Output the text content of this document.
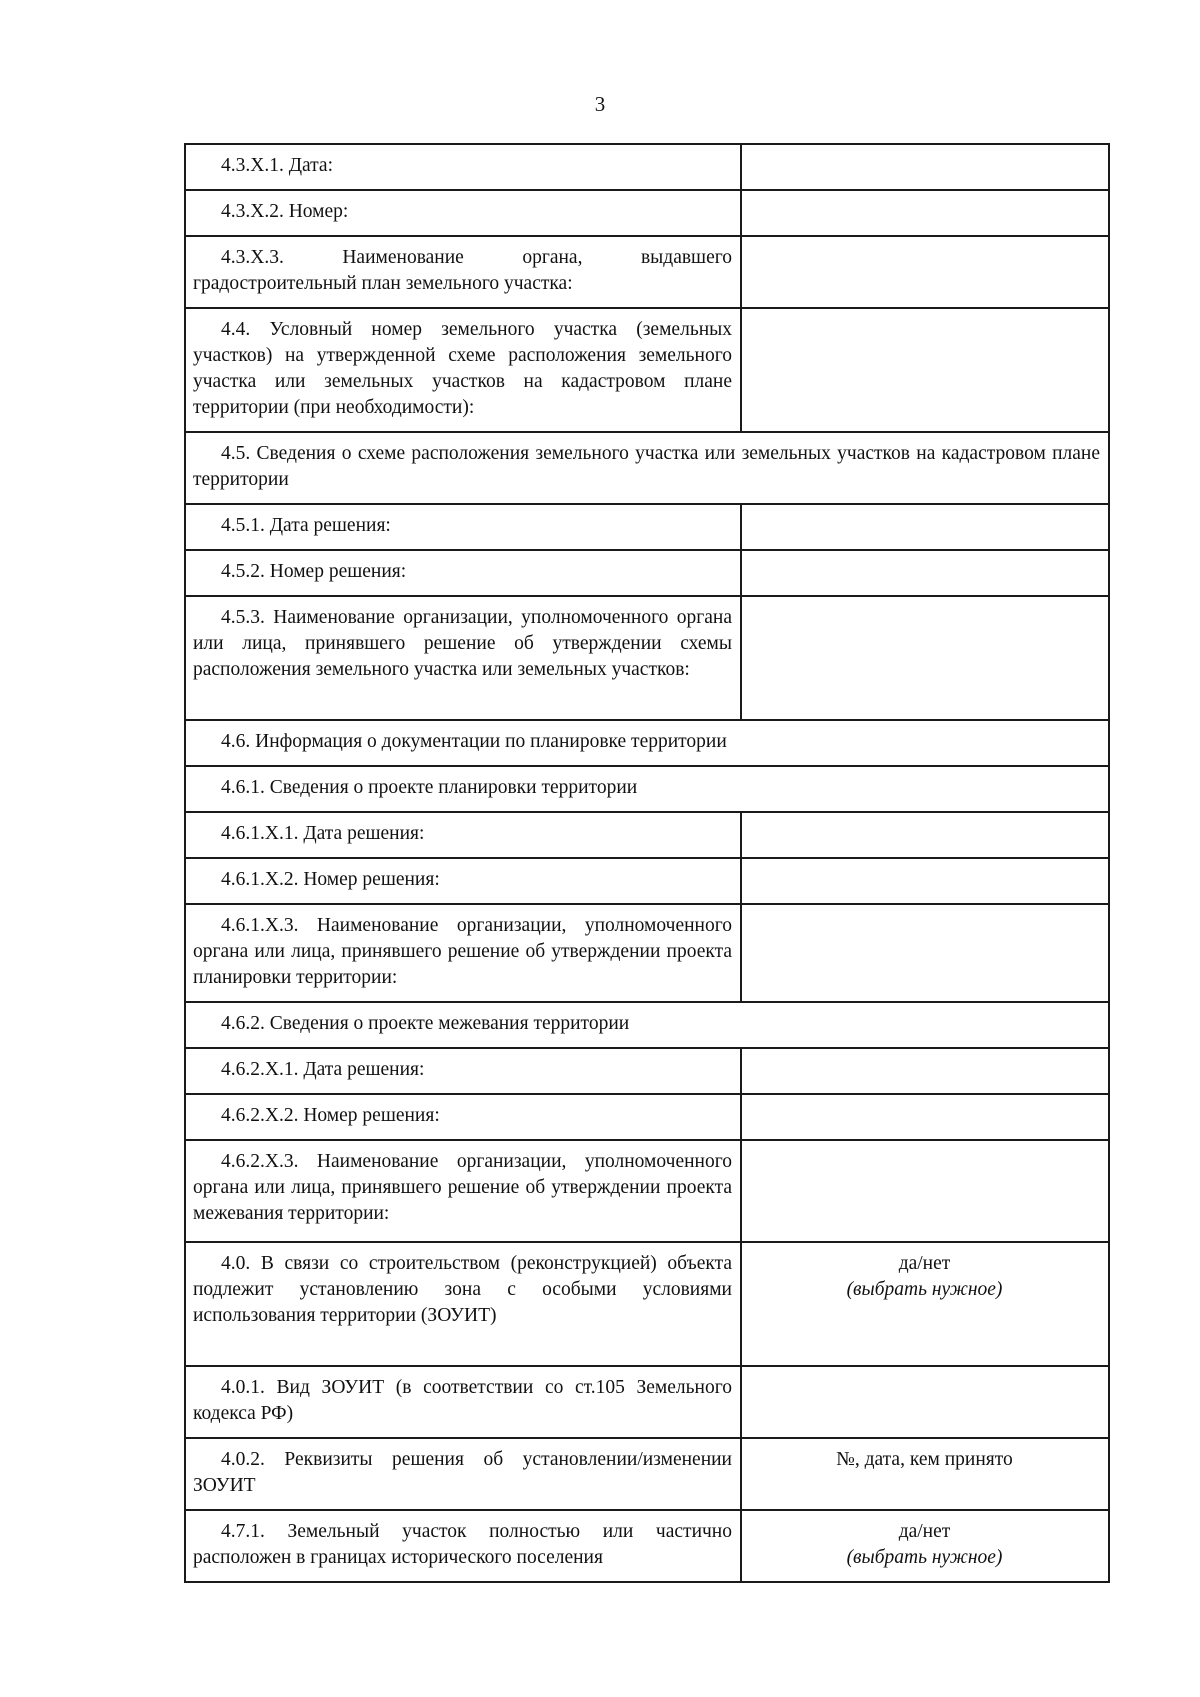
3
4.3.X.1. Дата:	

4.3.X.2. Номер:	

4.3.X.3. Наименование органа, выдавшего градостроительный план земельного участка:	

4.4. Условный номер земельного участка (земельных участков) на утвержденной схеме расположения земельного участка или земельных участков на кадастровом плане территории (при необходимости):	

4.5. Сведения о схеме расположения земельного участка или земельных участков на кадастровом плане территории	

4.5.1. Дата решения:	

4.5.2. Номер решения:	

4.5.3. Наименование организации, уполномоченного органа или лица, принявшего решение об утверждении схемы расположения земельного участка или земельных участков:	

4.6. Информация о документации по планировке территории	

4.6.1. Сведения о проекте планировки территории	

4.6.1.X.1. Дата решения:	

4.6.1.X.2. Номер решения:	

4.6.1.X.3. Наименование организации, уполномоченного органа или лица, принявшего решение об утверждении проекта планировки территории:	

4.6.2. Сведения о проекте межевания территории	

4.6.2.X.1. Дата решения:	

4.6.2.X.2. Номер решения:	

4.6.2.X.3. Наименование организации, уполномоченного органа или лица, принявшего решение об утверждении проекта межевания территории:	

4.0. В связи со строительством (реконструкцией) объекта подлежит установлению зона с особыми условиями использования территории (ЗОУИТ)	да/нет
(выбрать нужное)

4.0.1. Вид ЗОУИТ (в соответствии со ст.105 Земельного кодекса РФ)	

4.0.2. Реквизиты решения об установлении/изменении ЗОУИТ	№, дата, кем принято

4.7.1. Земельный участок полностью или частично расположен в границах исторического поселения	да/нет
(выбрать нужное)
